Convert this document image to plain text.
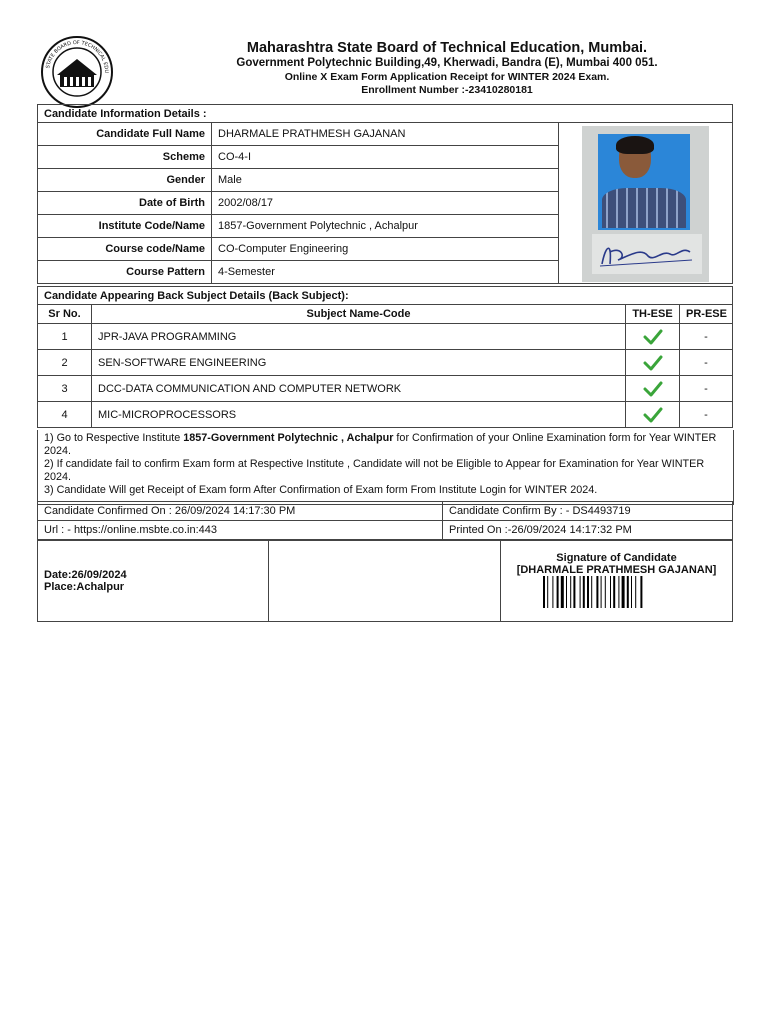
STATE BOARD OF TECHNICAL EDU
Maharashtra State Board of Technical Education, Mumbai.
Government Polytechnic Building,49, Kherwadi, Bandra (E), Mumbai 400 051.
Online X Exam Form Application Receipt for WINTER 2024 Exam.
Enrollment Number :-23410280181
Candidate Information Details :		
Candidate Full Name	DHARMALE PRATHMESH GAJANAN	
Scheme	CO-4-I	
Gender	Male	
Date of Birth	2002/08/17	
Institute Code/Name	1857-Government Polytechnic , Achalpur	
Course code/Name	CO-Computer Engineering	
Course Pattern	4-Semester	
Candidate Appearing Back Subject Details (Back Subject):			
Sr No.	Subject Name-Code	TH-ESE	PR-ESE
1	JPR-JAVA PROGRAMMING		-
2	SEN-SOFTWARE ENGINEERING		-
3	DCC-DATA COMMUNICATION AND COMPUTER NETWORK		-
4	MIC-MICROPROCESSORS		-

1) Go to Respective Institute 1857-Government Polytechnic , Achalpur for Confirmation of your Online Examination form for Year WINTER 2024.

2) If candidate fail to confirm Exam form at Respective Institute , Candidate will not be Eligible to Appear for Examination for Year WINTER 2024.

3) Candidate Will get Receipt of Exam form After Confirmation of Exam form From Institute Login for WINTER 2024.

Candidate Confirmed On : 26/09/2024 14:17:30 PM	Candidate Confirm By : - DS4493719
Url : - https://online.msbte.co.in:443	Printed On :-26/09/2024 14:17:32 PM
Date:26/09/2024
Place:Achalpur

Signature of Candidate
[DHARMALE PRATHMESH GAJANAN]
